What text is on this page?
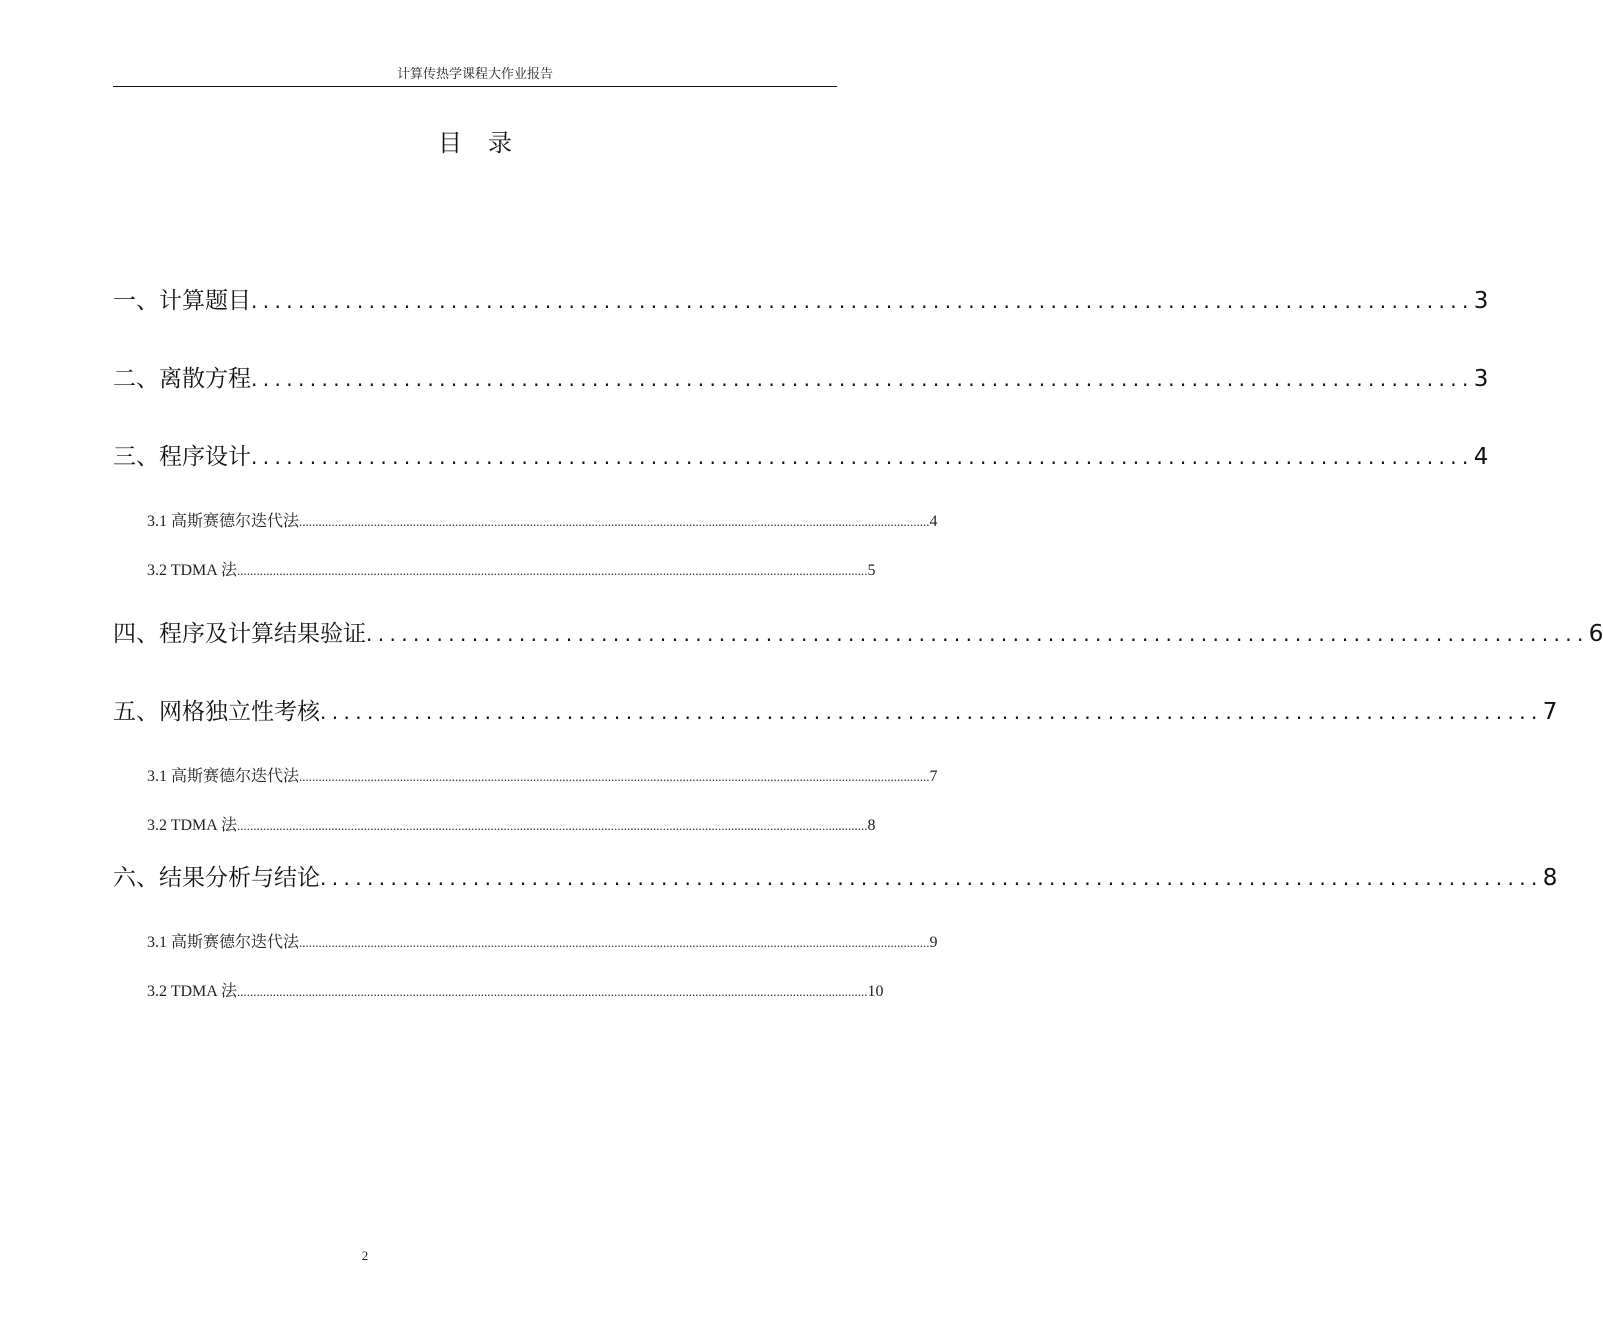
计算传热学课程大作业报告
目录
一、计算题目 ........................................................................................................ 3
二、离散方程 ........................................................................................................ 3
三、程序设计 ........................................................................................................ 4
3.1 高斯赛德尔迭代法 .................................................................................................................................................................................................. 4
3.2 TDMA 法 .................................................................................................................................................................................................. 5
四、程序及计算结果验证 ........................................................................................................ 6
五、网格独立性考核 ........................................................................................................ 7
3.1 高斯赛德尔迭代法 .................................................................................................................................................................................................. 7
3.2 TDMA 法 .................................................................................................................................................................................................. 8
六、结果分析与结论 ........................................................................................................ 8
3.1 高斯赛德尔迭代法 .................................................................................................................................................................................................. 9
3.2 TDMA 法 .................................................................................................................................................................................................. 10
2
